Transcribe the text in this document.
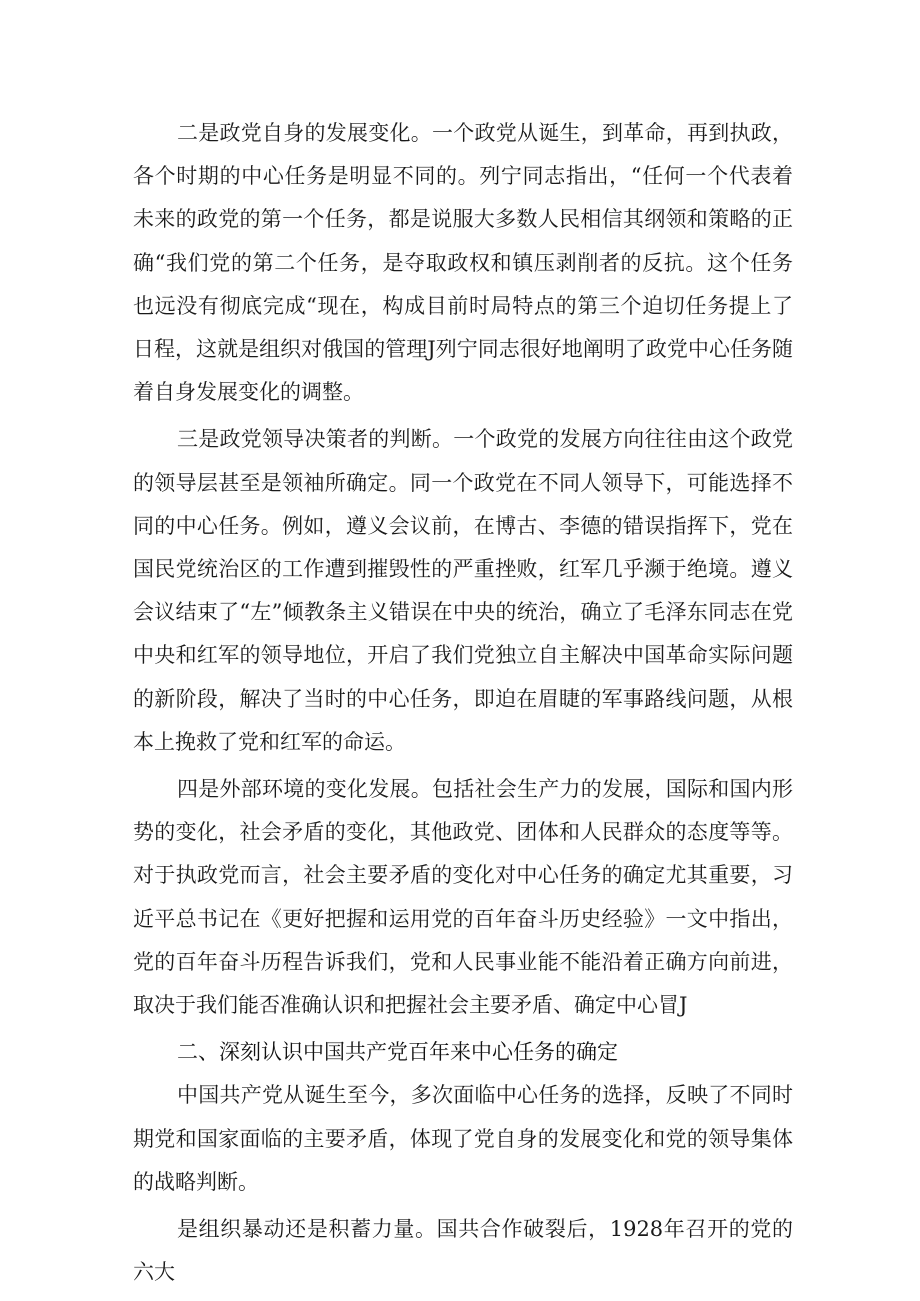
二是政党自身的发展变化。一个政党从诞生，到革命，再到执政，各个时期的中心任务是明显不同的。列宁同志指出，“任何一个代表着未来的政党的第一个任务，都是说服大多数人民相信其纲领和策略的正确“我们党的第二个任务，是夺取政权和镇压剥削者的反抗。这个任务也远没有彻底完成“现在，构成目前时局特点的第三个迫切任务提上了日程，这就是组织对俄国的管理J列宁同志很好地阐明了政党中心任务随着自身发展变化的调整。

三是政党领导决策者的判断。一个政党的发展方向往往由这个政党的领导层甚至是领袖所确定。同一个政党在不同人领导下，可能选择不同的中心任务。例如，遵义会议前，在博古、李德的错误指挥下，党在国民党统治区的工作遭到摧毁性的严重挫败，红军几乎濒于绝境。遵义会议结束了“左”倾教条主义错误在中央的统治，确立了毛泽东同志在党中央和红军的领导地位，开启了我们党独立自主解决中国革命实际问题的新阶段，解决了当时的中心任务，即迫在眉睫的军事路线问题，从根本上挽救了党和红军的命运。

四是外部环境的变化发展。包括社会生产力的发展，国际和国内形势的变化，社会矛盾的变化，其他政党、团体和人民群众的态度等等。对于执政党而言，社会主要矛盾的变化对中心任务的确定尤其重要，习近平总书记在《更好把握和运用党的百年奋斗历史经验》一文中指出，党的百年奋斗历程告诉我们，党和人民事业能不能沿着正确方向前进，取决于我们能否准确认识和把握社会主要矛盾、确定中心冒J

二、深刻认识中国共产党百年来中心任务的确定

中国共产党从诞生至今，多次面临中心任务的选择，反映了不同时期党和国家面临的主要矛盾，体现了党自身的发展变化和党的领导集体的战略判断。

是组织暴动还是积蓄力量。国共合作破裂后，1928年召开的党的六大
